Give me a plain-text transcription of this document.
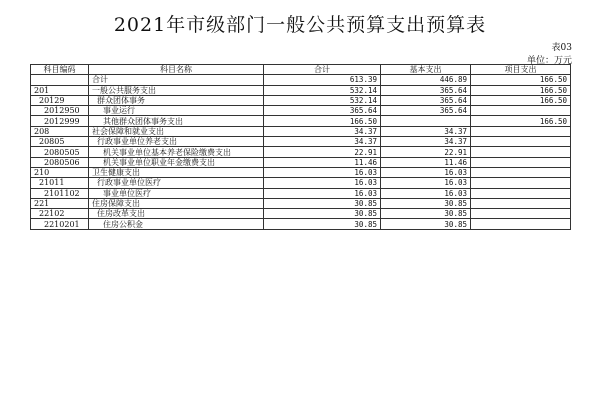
2021年市级部门一般公共预算支出预算表
表03
单位：万元
科目编码	科目名称	合计	基本支出	项目支出
	合计	613.39	446.89	166.50
201	一般公共服务支出	532.14	365.64	166.50
20129	群众团体事务	532.14	365.64	166.50
2012950	事业运行	365.64	365.64	
2012999	其他群众团体事务支出	166.50		166.50
208	社会保障和就业支出	34.37	34.37	
20805	行政事业单位养老支出	34.37	34.37	
2080505	机关事业单位基本养老保险缴费支出	22.91	22.91	
2080506	机关事业单位职业年金缴费支出	11.46	11.46	
210	卫生健康支出	16.03	16.03	
21011	行政事业单位医疗	16.03	16.03	
2101102	事业单位医疗	16.03	16.03	
221	住房保障支出	30.85	30.85	
22102	住房改革支出	30.85	30.85	
2210201	住房公积金	30.85	30.85	
